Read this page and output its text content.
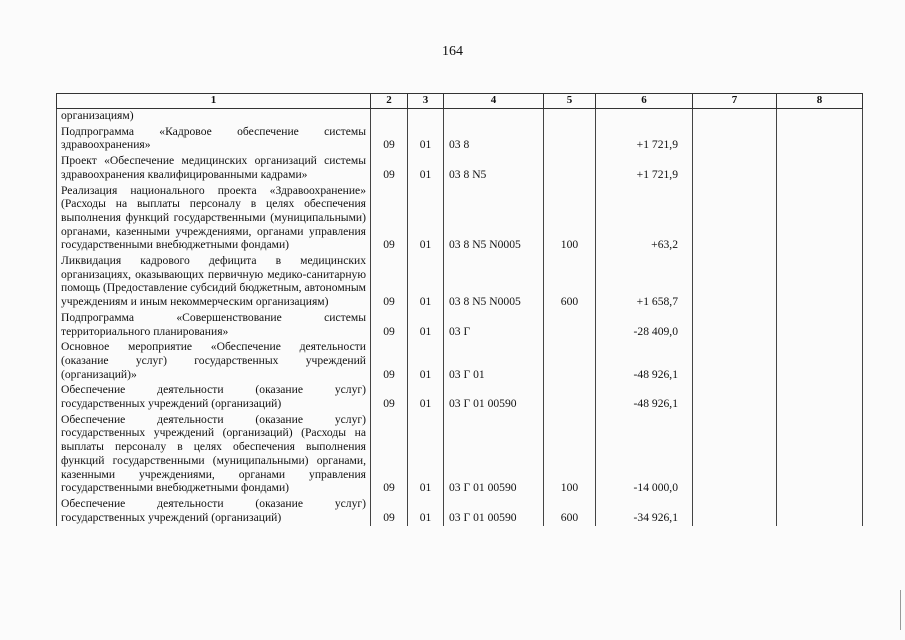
164
1	2	3	4	5	6	7	8
организациям)							
Подпрограмма «Кадровое обеспечение системы здравоохранения»	09	01	03 8		+1 721,9		
Проект «Обеспечение медицинских организаций системы здравоохранения квалифицированными кадрами»	09	01	03 8 N5		+1 721,9		
Реализация национального проекта «Здравоохранение» (Расходы на выплаты персоналу в целях обеспечения выполнения функций государственными (муниципальными) органами, казенными учреждениями, органами управления государственными внебюджетными фондами)	09	01	03 8 N5 N0005	100	+63,2		
Ликвидация кадрового дефицита в медицинских организациях, оказывающих первичную медико-санитарную помощь (Предоставление субсидий бюджетным, автономным учреждениям и иным некоммерческим организациям)	09	01	03 8 N5 N0005	600	+1 658,7		
Подпрограмма «Совершенствование системы территориального планирования»	09	01	03 Г		-28 409,0		
Основное мероприятие «Обеспечение деятельности (оказание услуг) государственных учреждений (организаций)»	09	01	03 Г 01		-48 926,1		
Обеспечение деятельности (оказание услуг) государственных учреждений (организаций)	09	01	03 Г 01 00590		-48 926,1		
Обеспечение деятельности (оказание услуг) государственных учреждений (организаций) (Расходы на выплаты персоналу в целях обеспечения выполнения функций государственными (муниципальными) органами, казенными учреждениями, органами управления государственными внебюджетными фондами)	09	01	03 Г 01 00590	100	-14 000,0		
Обеспечение деятельности (оказание услуг) государственных учреждений (организаций)	09	01	03 Г 01 00590	600	-34 926,1		
